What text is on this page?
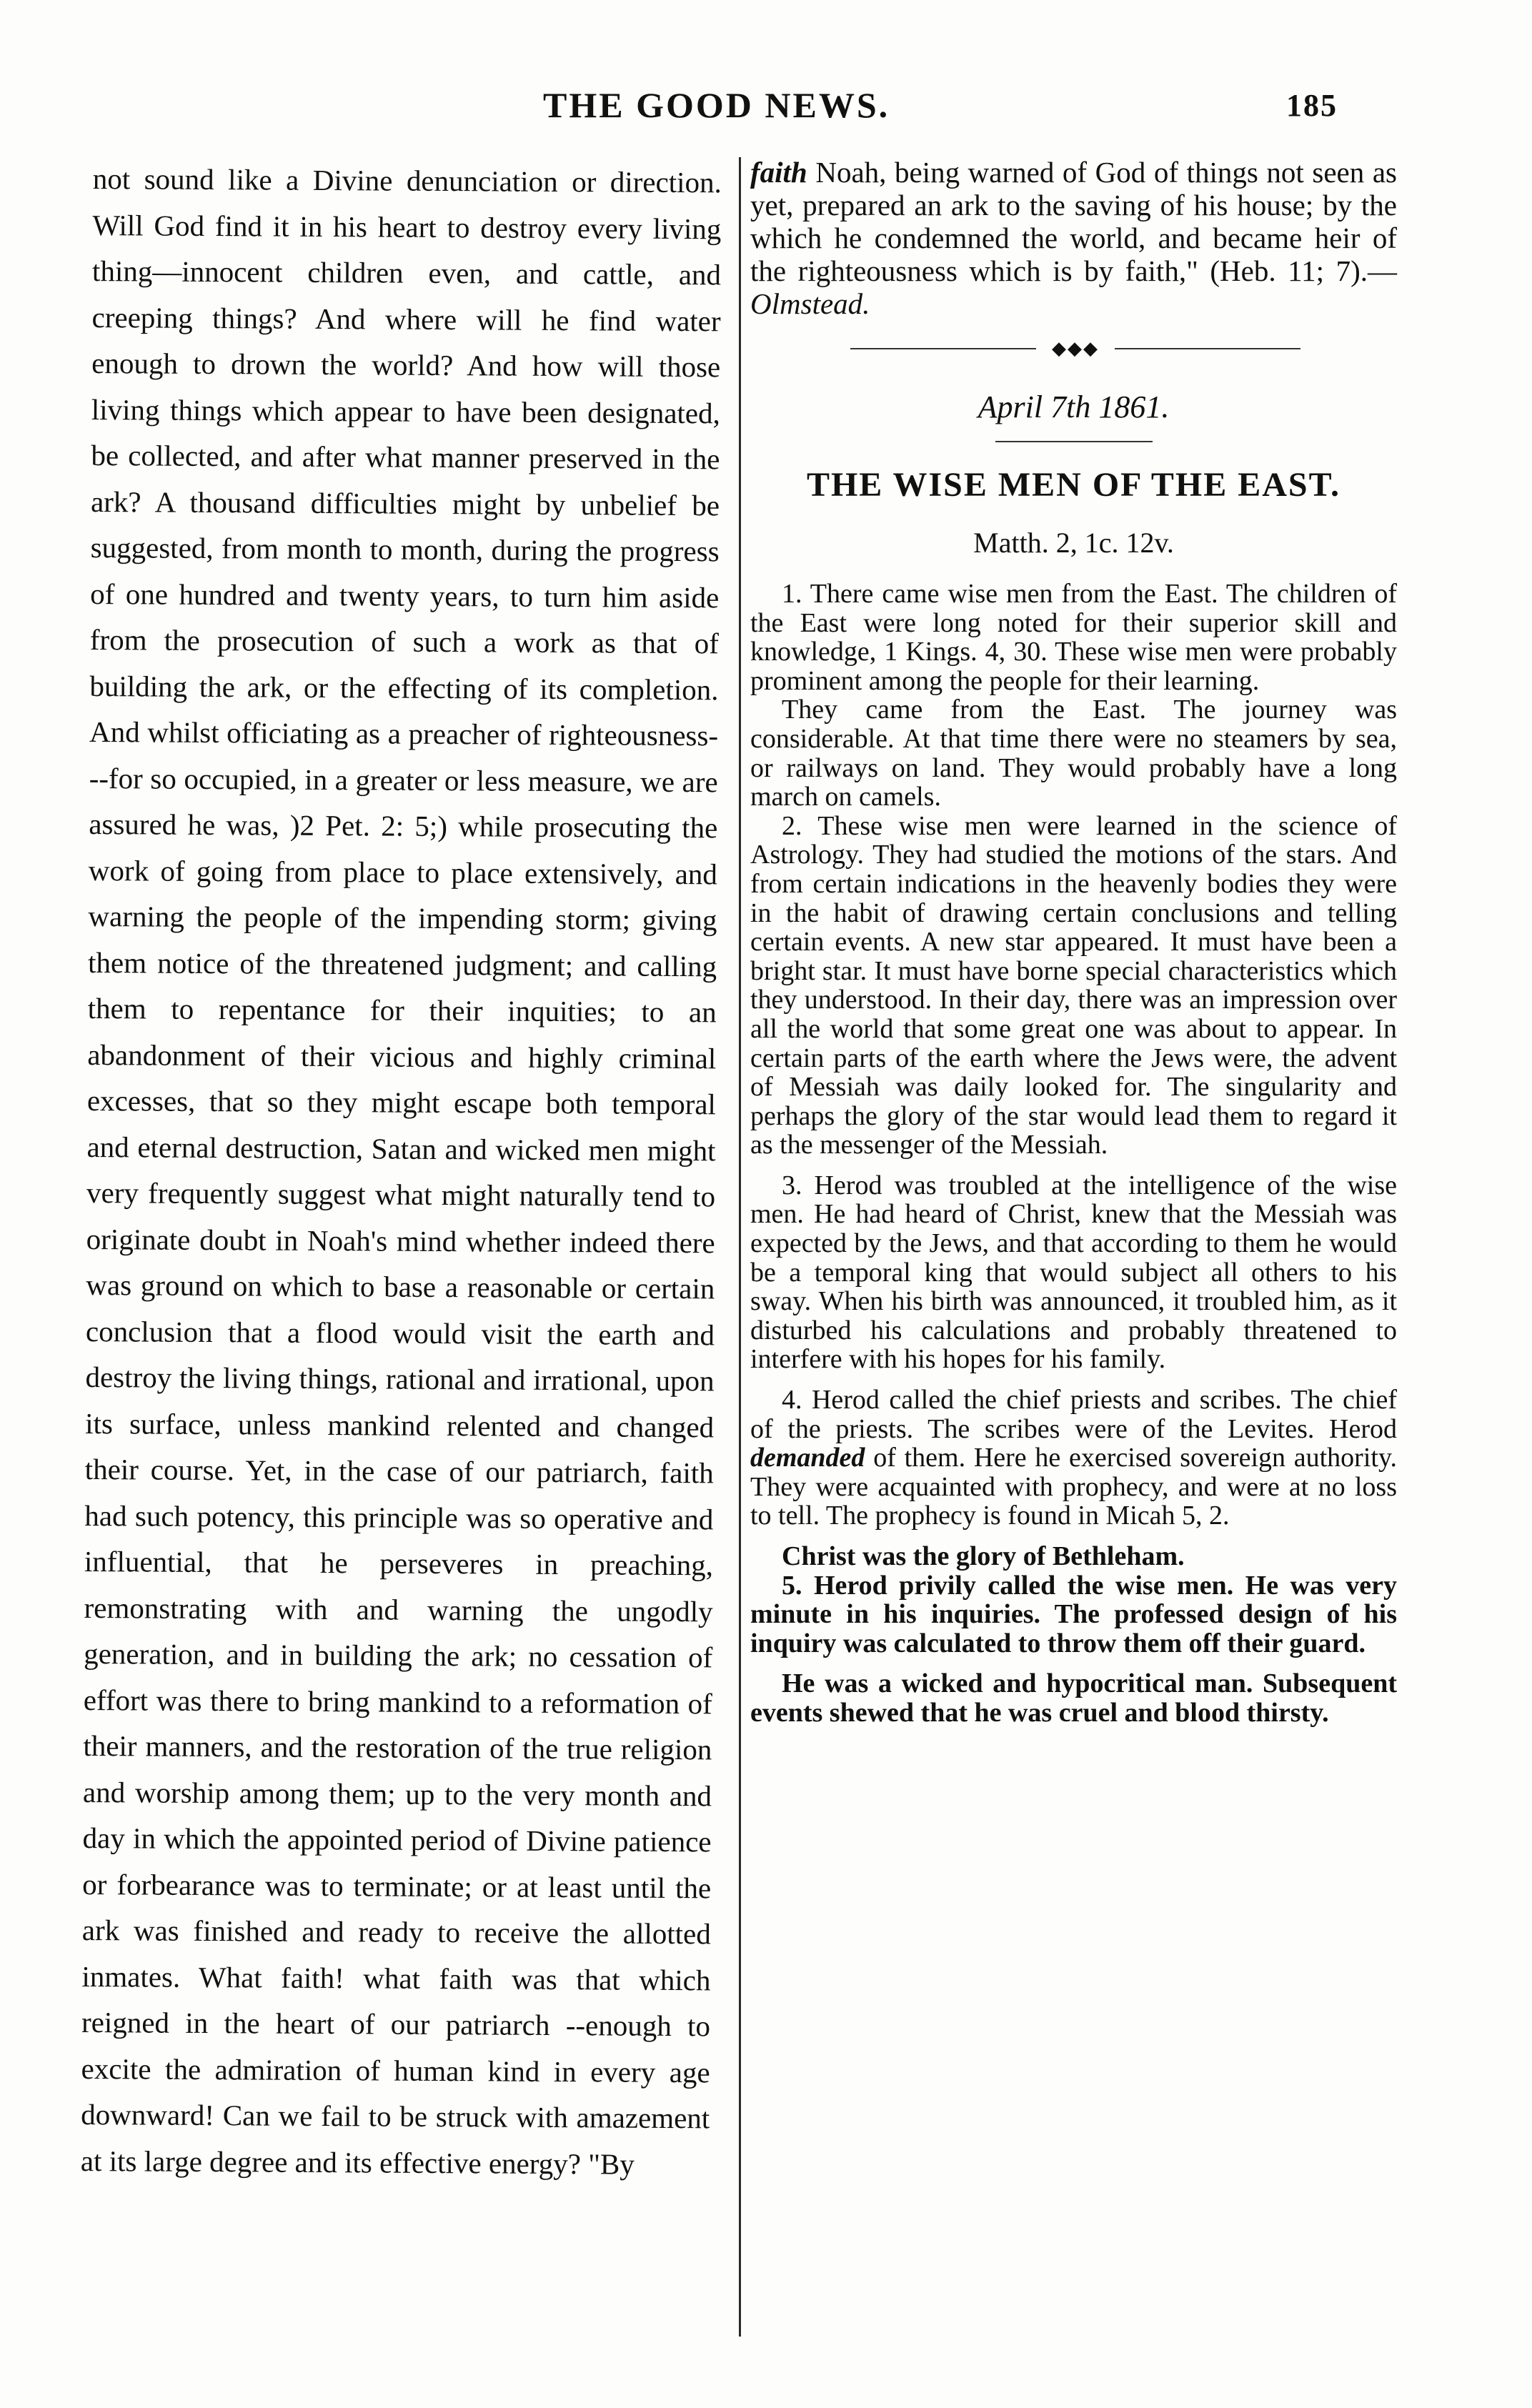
THE GOOD NEWS.	185

not sound like a Divine denunciation or direction. Will God find it in his heart to destroy every living thing—innocent children even, and cattle, and creeping things? And where will he find water enough to drown the world? And how will those living things which appear to have been designated, be collected, and after what manner preserved in the ark? A thousand difficulties might by unbelief be suggested, from month to month, during the progress of one hundred and twenty years, to turn him aside from the prosecution of such a work as that of building the ark, or the effecting of its completion. And whilst officiating as a preacher of righteousness---for so occupied, in a greater or less measure, we are assured he was, )2 Pet. 2: 5;) while prosecuting the work of going from place to place extensively, and warning the people of the impending storm; giving them notice of the threatened judgment; and calling them to repentance for their inquities; to an abandonment of their vicious and highly criminal excesses, that so they might escape both temporal and eternal destruction, Satan and wicked men might very frequently suggest what might naturally tend to originate doubt in Noah's mind whether indeed there was ground on which to base a reasonable or certain conclusion that a flood would visit the earth and destroy the living things, rational and irrational, upon its surface, unless mankind relented and changed their course. Yet, in the case of our patriarch, faith had such potency, this principle was so operative and influential, that he perseveres in preaching, remonstrating with and warning the ungodly generation, and in building the ark; no cessation of effort was there to bring mankind to a reformation of their manners, and the restoration of the true religion and worship among them; up to the very month and day in which the appointed period of Divine patience or forbearance was to terminate; or at least until the ark was finished and ready to receive the allotted inmates. What faith! what faith was that which reigned in the heart of our patriarch --enough to excite the admiration of human kind in every age downward! Can we fail to be struck with amazement at its large degree and its effective energy? "By

faith Noah, being warned of God of things not seen as yet, prepared an ark to the saving of his house; by the which he condemned the world, and became heir of the righteousness which is by faith," (Heb. 11; 7).— Olmstead.

◆◆◆
April 7th 1861.
THE WISE MEN OF THE EAST.
Matth. 2, 1c. 12v.

1. There came wise men from the East. The children of the East were long noted for their superior skill and knowledge, 1 Kings. 4, 30. These wise men were probably prominent among the people for their learning.

They came from the East. The journey was considerable. At that time there were no steamers by sea, or railways on land. They would probably have a long march on camels.

2. These wise men were learned in the science of Astrology. They had studied the motions of the stars. And from certain indications in the heavenly bodies they were in the habit of drawing certain conclusions and telling certain events. A new star appeared. It must have been a bright star. It must have borne special characteristics which they understood. In their day, there was an impression over all the world that some great one was about to appear. In certain parts of the earth where the Jews were, the advent of Messiah was daily looked for. The singularity and perhaps the glory of the star would lead them to regard it as the messenger of the Messiah.

3. Herod was troubled at the intelligence of the wise men. He had heard of Christ, knew that the Messiah was expected by the Jews, and that according to them he would be a temporal king that would subject all others to his sway. When his birth was announced, it troubled him, as it disturbed his calculations and probably threatened to interfere with his hopes for his family.

4. Herod called the chief priests and scribes. The chief of the priests. The scribes were of the Levites. Herod demanded of them. Here he exercised sovereign authority. They were acquainted with prophecy, and were at no loss to tell. The prophecy is found in Micah 5, 2.

Christ was the glory of Bethleham.

5. Herod privily called the wise men. He was very minute in his inquiries. The professed design of his inquiry was calculated to throw them off their guard.

He was a wicked and hypocritical man. Subsequent events shewed that he was cruel and blood thirsty.
